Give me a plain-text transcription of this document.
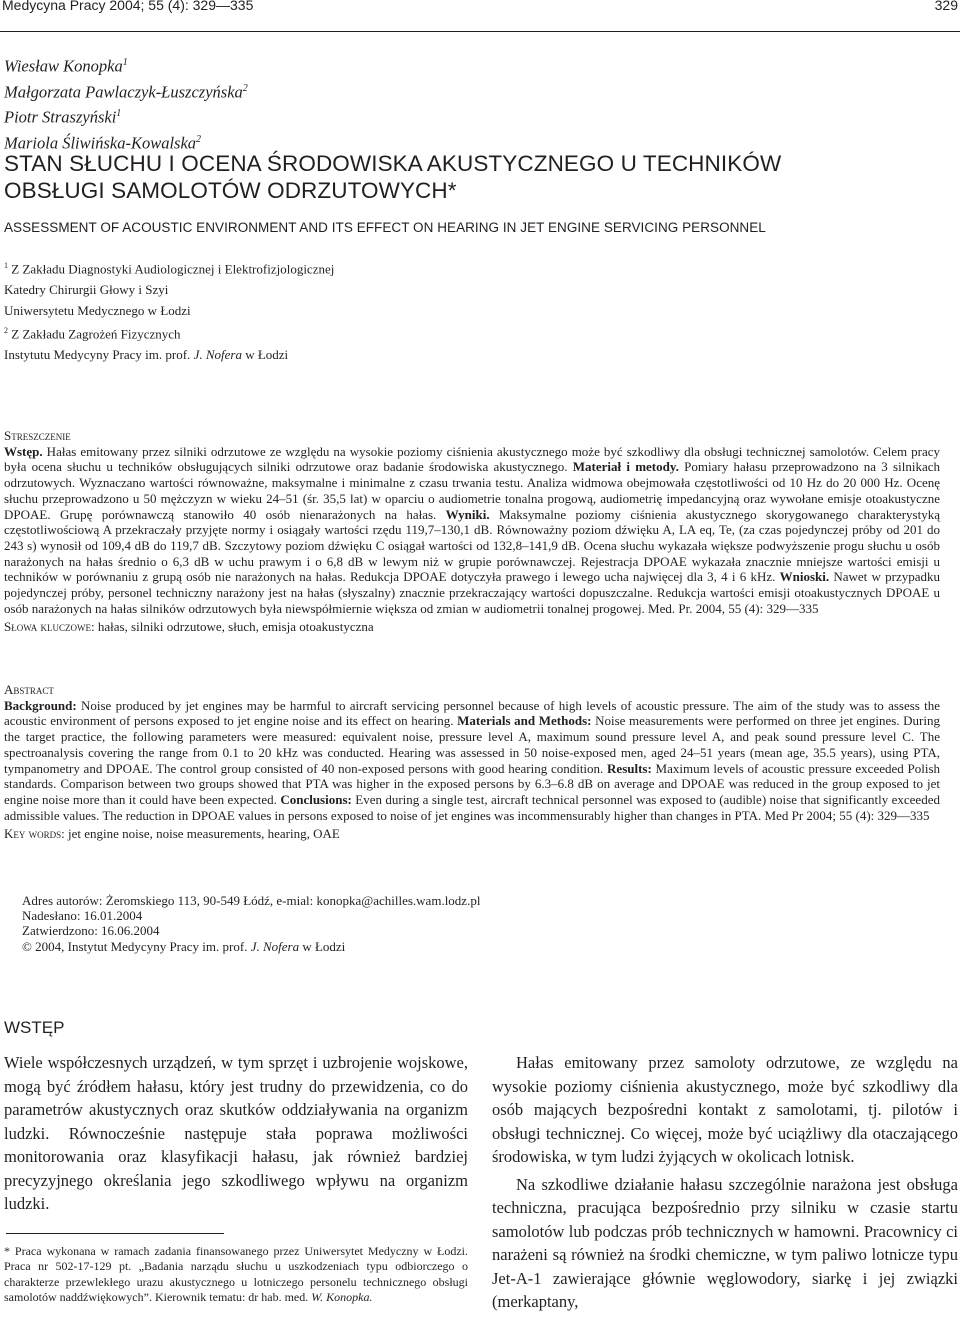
Medycyna Pracy 2004; 55 (4): 329—335	329
Wiesław Konopka$^1$
Małgorzata Pawlaczyk-Łuszczyńska$^2$
Piotr Straszyński$^1$
Mariola Śliwińska-Kowalska$^2$
STAN SŁUCHU I OCENA ŚRODOWISKA AKUSTYCZNEGO U TECHNIKÓW
OBSŁUGI SAMOLOTÓW ODRZUTOWYCH*
ASSESSMENT OF ACOUSTIC ENVIRONMENT AND ITS EFFECT ON HEARING IN JET ENGINE SERVICING PERSONNEL
$^1$ Z Zakładu Diagnostyki Audiologicznej i Elektrofizjologicznej
Katedry Chirurgii Głowy i Szyi
Uniwersytetu Medycznego w Łodzi
$^2$ Z Zakładu Zagrożeń Fizycznych
Instytutu Medycyny Pracy im. prof. J. Nofera w Łodzi
Streszczenie
Wstęp. Hałas emitowany przez silniki odrzutowe ze względu na wysokie poziomy ciśnienia akustycznego może być szkodliwy dla obsługi technicznej samolotów. Celem pracy była ocena słuchu u techników obsługujących silniki odrzutowe oraz badanie środowiska akustycznego. Materiał i metody. Pomiary hałasu przeprowadzono na 3 silnikach odrzutowych. Wyznaczano wartości równoważne, maksymalne i minimalne z czasu trwania testu. Analiza widmowa obejmowała częstotliwości od 10 Hz do 20 000 Hz. Ocenę słuchu przeprowadzono u 50 mężczyzn w wieku 24–51 (śr. 35,5 lat) w oparciu o audiometrie tonalna progową, audiometrię impedancyjną oraz wywołane emisje otoakustyczne DPOAE. Grupę porównawczą stanowiło 40 osób nienarażonych na hałas. Wyniki. Maksymalne poziomy ciśnienia akustycznego skorygowanego charakterystyką częstotliwościową A przekraczały przyjęte normy i osiągały wartości rzędu 119,7–130,1 dB. Równoważny poziom dźwięku A, LA eq, Te, (za czas pojedynczej próby od 201 do 243 s) wynosił od 109,4 dB do 119,7 dB. Szczytowy poziom dźwięku C osiągał wartości od 132,8–141,9 dB. Ocena słuchu wykazała większe podwyższenie progu słuchu u osób narażonych na hałas średnio o 6,3 dB w uchu prawym i o 6,8 dB w lewym niż w grupie porównawczej. Rejestracja DPOAE wykazała znacznie mniejsze wartości emisji u techników w porównaniu z grupą osób nie narażonych na hałas. Redukcja DPOAE dotyczyła prawego i lewego ucha najwięcej dla 3, 4 i 6 kHz. Wnioski. Nawet w przypadku pojedynczej próby, personel techniczny narażony jest na hałas (słyszalny) znacznie przekraczający wartości dopuszczalne. Redukcja wartości emisji otoakustycznych DPOAE u osób narażonych na hałas silników odrzutowych była niewspółmiernie większa od zmian w audiometrii tonalnej progowej. Med. Pr. 2004, 55 (4): 329—335
Słowa kluczowe: hałas, silniki odrzutowe, słuch, emisja otoakustyczna
Abstract
Background: Noise produced by jet engines may be harmful to aircraft servicing personnel because of high levels of acoustic pressure. The aim of the study was to assess the acoustic environment of persons exposed to jet engine noise and its effect on hearing. Materials and Methods: Noise measurements were performed on three jet engines. During the target practice, the following parameters were measured: equivalent noise, pressure level A, maximum sound pressure level A, and peak sound pressure level C. The spectroanalysis covering the range from 0.1 to 20 kHz was conducted. Hearing was assessed in 50 noise-exposed men, aged 24–51 years (mean age, 35.5 years), using PTA, tympanometry and DPOAE. The control group consisted of 40 non-exposed persons with good hearing condition. Results: Maximum levels of acoustic pressure exceeded Polish standards. Comparison between two groups showed that PTA was higher in the exposed persons by 6.3–6.8 dB on average and DPOAE was reduced in the group exposed to jet engine noise more than it could have been expected. Conclusions: Even during a single test, aircraft technical personnel was exposed to (audible) noise that significantly exceeded admissible values. The reduction in DPOAE values in persons exposed to noise of jet engines was incommensurably higher than changes in PTA. Med Pr 2004; 55 (4): 329—335
Key words: jet engine noise, noise measurements, hearing, OAE
Adres autorów: Żeromskiego 113, 90-549 Łódź, e-mial: konopka@achilles.wam.lodz.pl
Nadesłano: 16.01.2004
Zatwierdzono: 16.06.2004
© 2004, Instytut Medycyny Pracy im. prof. J. Nofera w Łodzi
WSTĘP

Wiele współczesnych urządzeń, w tym sprzęt i uzbrojenie wojskowe, mogą być źródłem hałasu, który jest trudny do przewidzenia, co do parametrów akustycznych oraz skutków oddziaływania na organizm ludzki. Równocześnie następuje stała poprawa możliwości monitorowania oraz klasyfikacji hałasu, jak również bardziej precyzyjnego określania jego szkodliwego wpływu na organizm ludzki.

Hałas emitowany przez samoloty odrzutowe, ze względu na wysokie poziomy ciśnienia akustycznego, może być szkodliwy dla osób mających bezpośredni kontakt z samolotami, tj. pilotów i obsługi technicznej. Co więcej, może być uciążliwy dla otaczającego środowiska, w tym ludzi żyjących w okolicach lotnisk.

Na szkodliwe działanie hałasu szczególnie narażona jest obsługa techniczna, pracująca bezpośrednio przy silniku w czasie startu samolotów lub podczas prób technicznych w hamowni. Pracownicy ci narażeni są również na środki chemiczne, w tym paliwo lotnicze typu Jet-A-1 zawierające głównie węglowodory, siarkę i jej związki (merkaptany,

* Praca wykonana w ramach zadania finansowanego przez Uniwersytet Medyczny w Łodzi. Praca nr 502-17-129 pt. „Badania narządu słuchu u uszkodzeniach typu odbiorczego o charakterze przewlekłego urazu akustycznego u lotniczego personelu technicznego obsługi samolotów naddźwiękowych”. Kierownik tematu: dr hab. med. W. Konopka.
